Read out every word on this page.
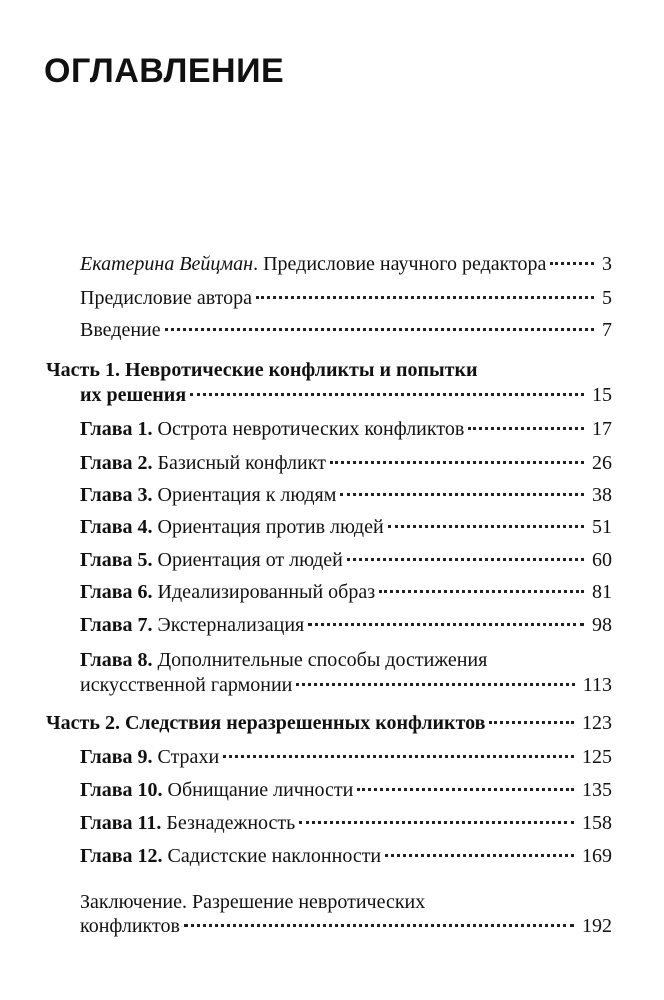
ОГЛАВЛЕНИЕ
Екатерина Вейцман. Предисловие научного редактора	3
Предисловие автора	5
Введение	7
Часть 1. Невротические конфликты и попытки
их решения	15
Глава 1. Острота невротических конфликтов	17
Глава 2. Базисный конфликт	26
Глава 3. Ориентация к людям	38
Глава 4. Ориентация против людей	51
Глава 5. Ориентация от людей	60
Глава 6. Идеализированный образ	81
Глава 7. Экстернализация	98
Глава 8. Дополнительные способы достижения
искусственной гармонии	113
Часть 2. Следствия неразрешенных конфликтов	123
Глава 9. Страхи	125
Глава 10. Обнищание личности	135
Глава 11. Безнадежность	158
Глава 12. Садистские наклонности	169
Заключение. Разрешение невротических
конфликтов	192
